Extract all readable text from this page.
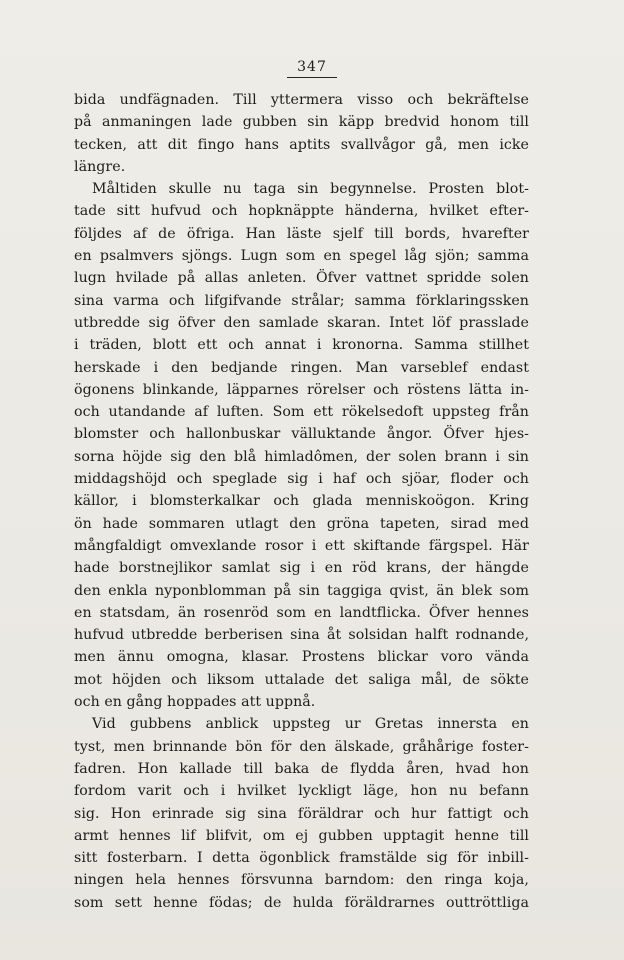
347
bida undfägnaden. Till yttermera visso och bekräftelse
på anmaningen lade gubben sin käpp bredvid honom till
tecken, att dit fingo hans aptits svallvågor gå, men icke
längre.
Måltiden skulle nu taga sin begynnelse. Prosten blot-
tade sitt hufvud och hopknäppte händerna, hvilket efter-
följdes af de öfriga. Han läste sjelf till bords, hvarefter
en psalmvers sjöngs. Lugn som en spegel låg sjön; samma
lugn hvilade på allas anleten. Öfver vattnet spridde solen
sina varma och lifgifvande strålar; samma förklaringsskеn
utbredde sig öfver den samlade skaran. Intet löf prasslade
i träden, blott ett och annat i kronorna. Samma stillhet
herskade i den bedjande ringen. Man varseblef endast
ögonens blinkande, läpparnes rörelser och röstens lätta in-
och utandande af luften. Som ett rökelsedoft uppsteg från
blomster och hallonbuskar välluktande ångor. Öfver hjes-
sorna höjde sig den blå himladômen, der solen brann i sin
middagshöjd och speglade sig i haf och sjöar, floder och
källor, i blomsterkalkar och glada menniskoögon. Kring
ön hade sommaren utlagt den gröna tapeten, sirad med
mångfaldigt omvexlande rosor i ett skiftande färgspel. Här
hade borstnejlikor samlat sig i en röd krans, der hängde
den enkla nyponblomman på sin taggiga qvist, än blek som
en statsdam, än rosenröd som en landtflicka. Öfver hennes
hufvud utbredde berberisen sina åt solsidan halft rodnande,
men ännu omogna, klasar. Prostens blickar voro vända
mot höjden och liksom uttalade det saliga mål, de sökte
och en gång hoppades att uppnå.
Vid gubbens anblick uppsteg ur Gretas innersta en
tyst, men brinnande bön för den älskade, gråhårige foster-
fadren. Hon kallade till baka de flydda åren, hvad hon
fordom varit och i hvilket lyckligt läge, hon nu befann
sig. Hon erinrade sig sina föräldrar och hur fattigt och
armt hennes lif blifvit, om ej gubben upptagit henne till
sitt fosterbarn. I detta ögonblick framstälde sig för inbill-
ningen hela hennes försvunna barndom: den ringa koja,
som sett henne födas; de hulda föräldrarnes outtröttliga
